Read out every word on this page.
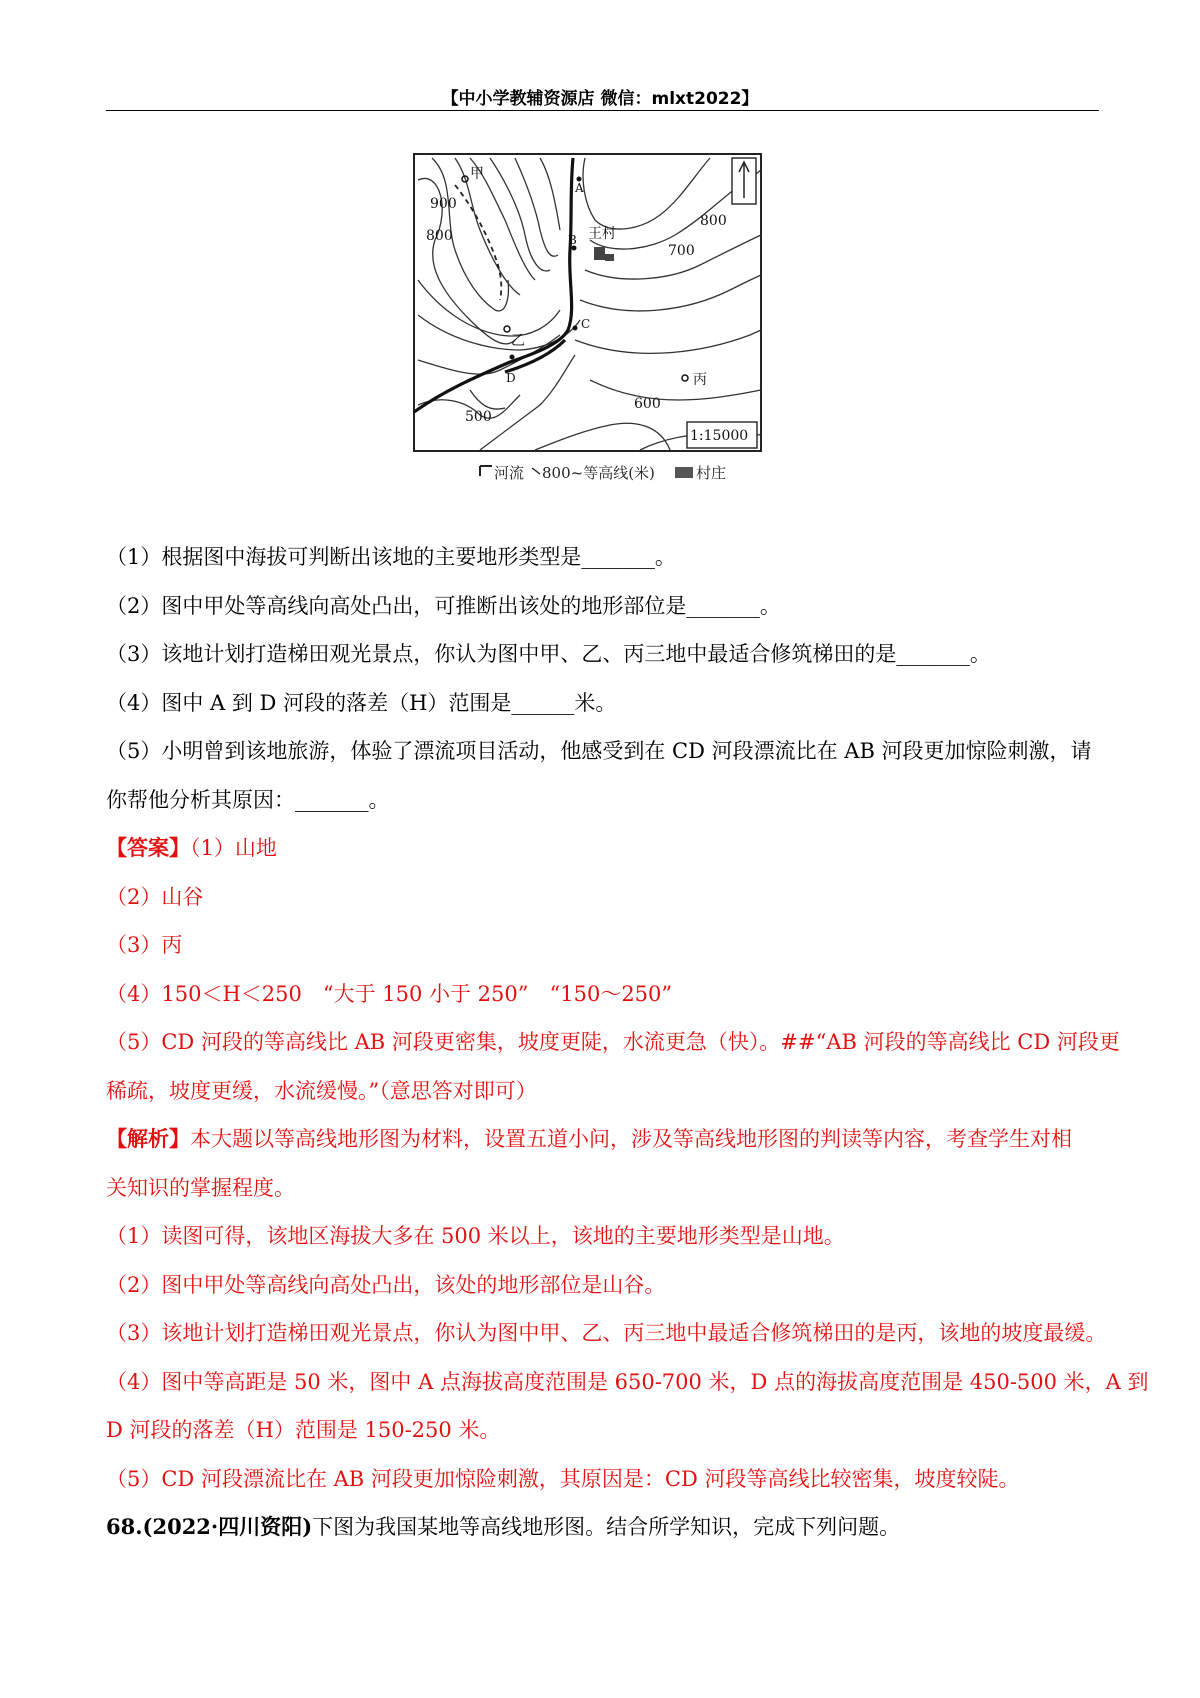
【中小学教辅资源店 微信：mlxt2022】
甲
900
800
A
王村
B
800
700
C
乙
D	丙
600
500
1:15000
河流 800~等高线(米)	村庄

（1）根据图中海拔可判断出该地的主要地形类型是_______。

（2）图中甲处等高线向高处凸出，可推断出该处的地形部位是_______。

（3）该地计划打造梯田观光景点，你认为图中甲、乙、丙三地中最适合修筑梯田的是_______。

（4）图中 A 到 D 河段的落差（H）范围是______米。

（5）小明曾到该地旅游，体验了漂流项目活动，他感受到在 CD 河段漂流比在 AB 河段更加惊险刺激，请

你帮他分析其原因：_______。

【答案】（1）山地

（2）山谷

（3）丙

（4）150＜H＜250　“大于 150 小于 250”　“150～250”

（5）CD 河段的等高线比 AB 河段更密集，坡度更陡，水流更急（快）。##“AB 河段的等高线比 CD 河段更

稀疏，坡度更缓，水流缓慢。”（意思答对即可）

【解析】本大题以等高线地形图为材料，设置五道小问，涉及等高线地形图的判读等内容，考查学生对相

关知识的掌握程度。

（1）读图可得，该地区海拔大多在 500 米以上，该地的主要地形类型是山地。

（2）图中甲处等高线向高处凸出，该处的地形部位是山谷。

（3）该地计划打造梯田观光景点，你认为图中甲、乙、丙三地中最适合修筑梯田的是丙，该地的坡度最缓。

（4）图中等高距是 50 米，图中 A 点海拔高度范围是 650-700 米，D 点的海拔高度范围是 450-500 米，A 到

D 河段的落差（H）范围是 150-250 米。

（5）CD 河段漂流比在 AB 河段更加惊险刺激，其原因是：CD 河段等高线比较密集，坡度较陡。

68.(2022·四川资阳)下图为我国某地等高线地形图。结合所学知识，完成下列问题。
